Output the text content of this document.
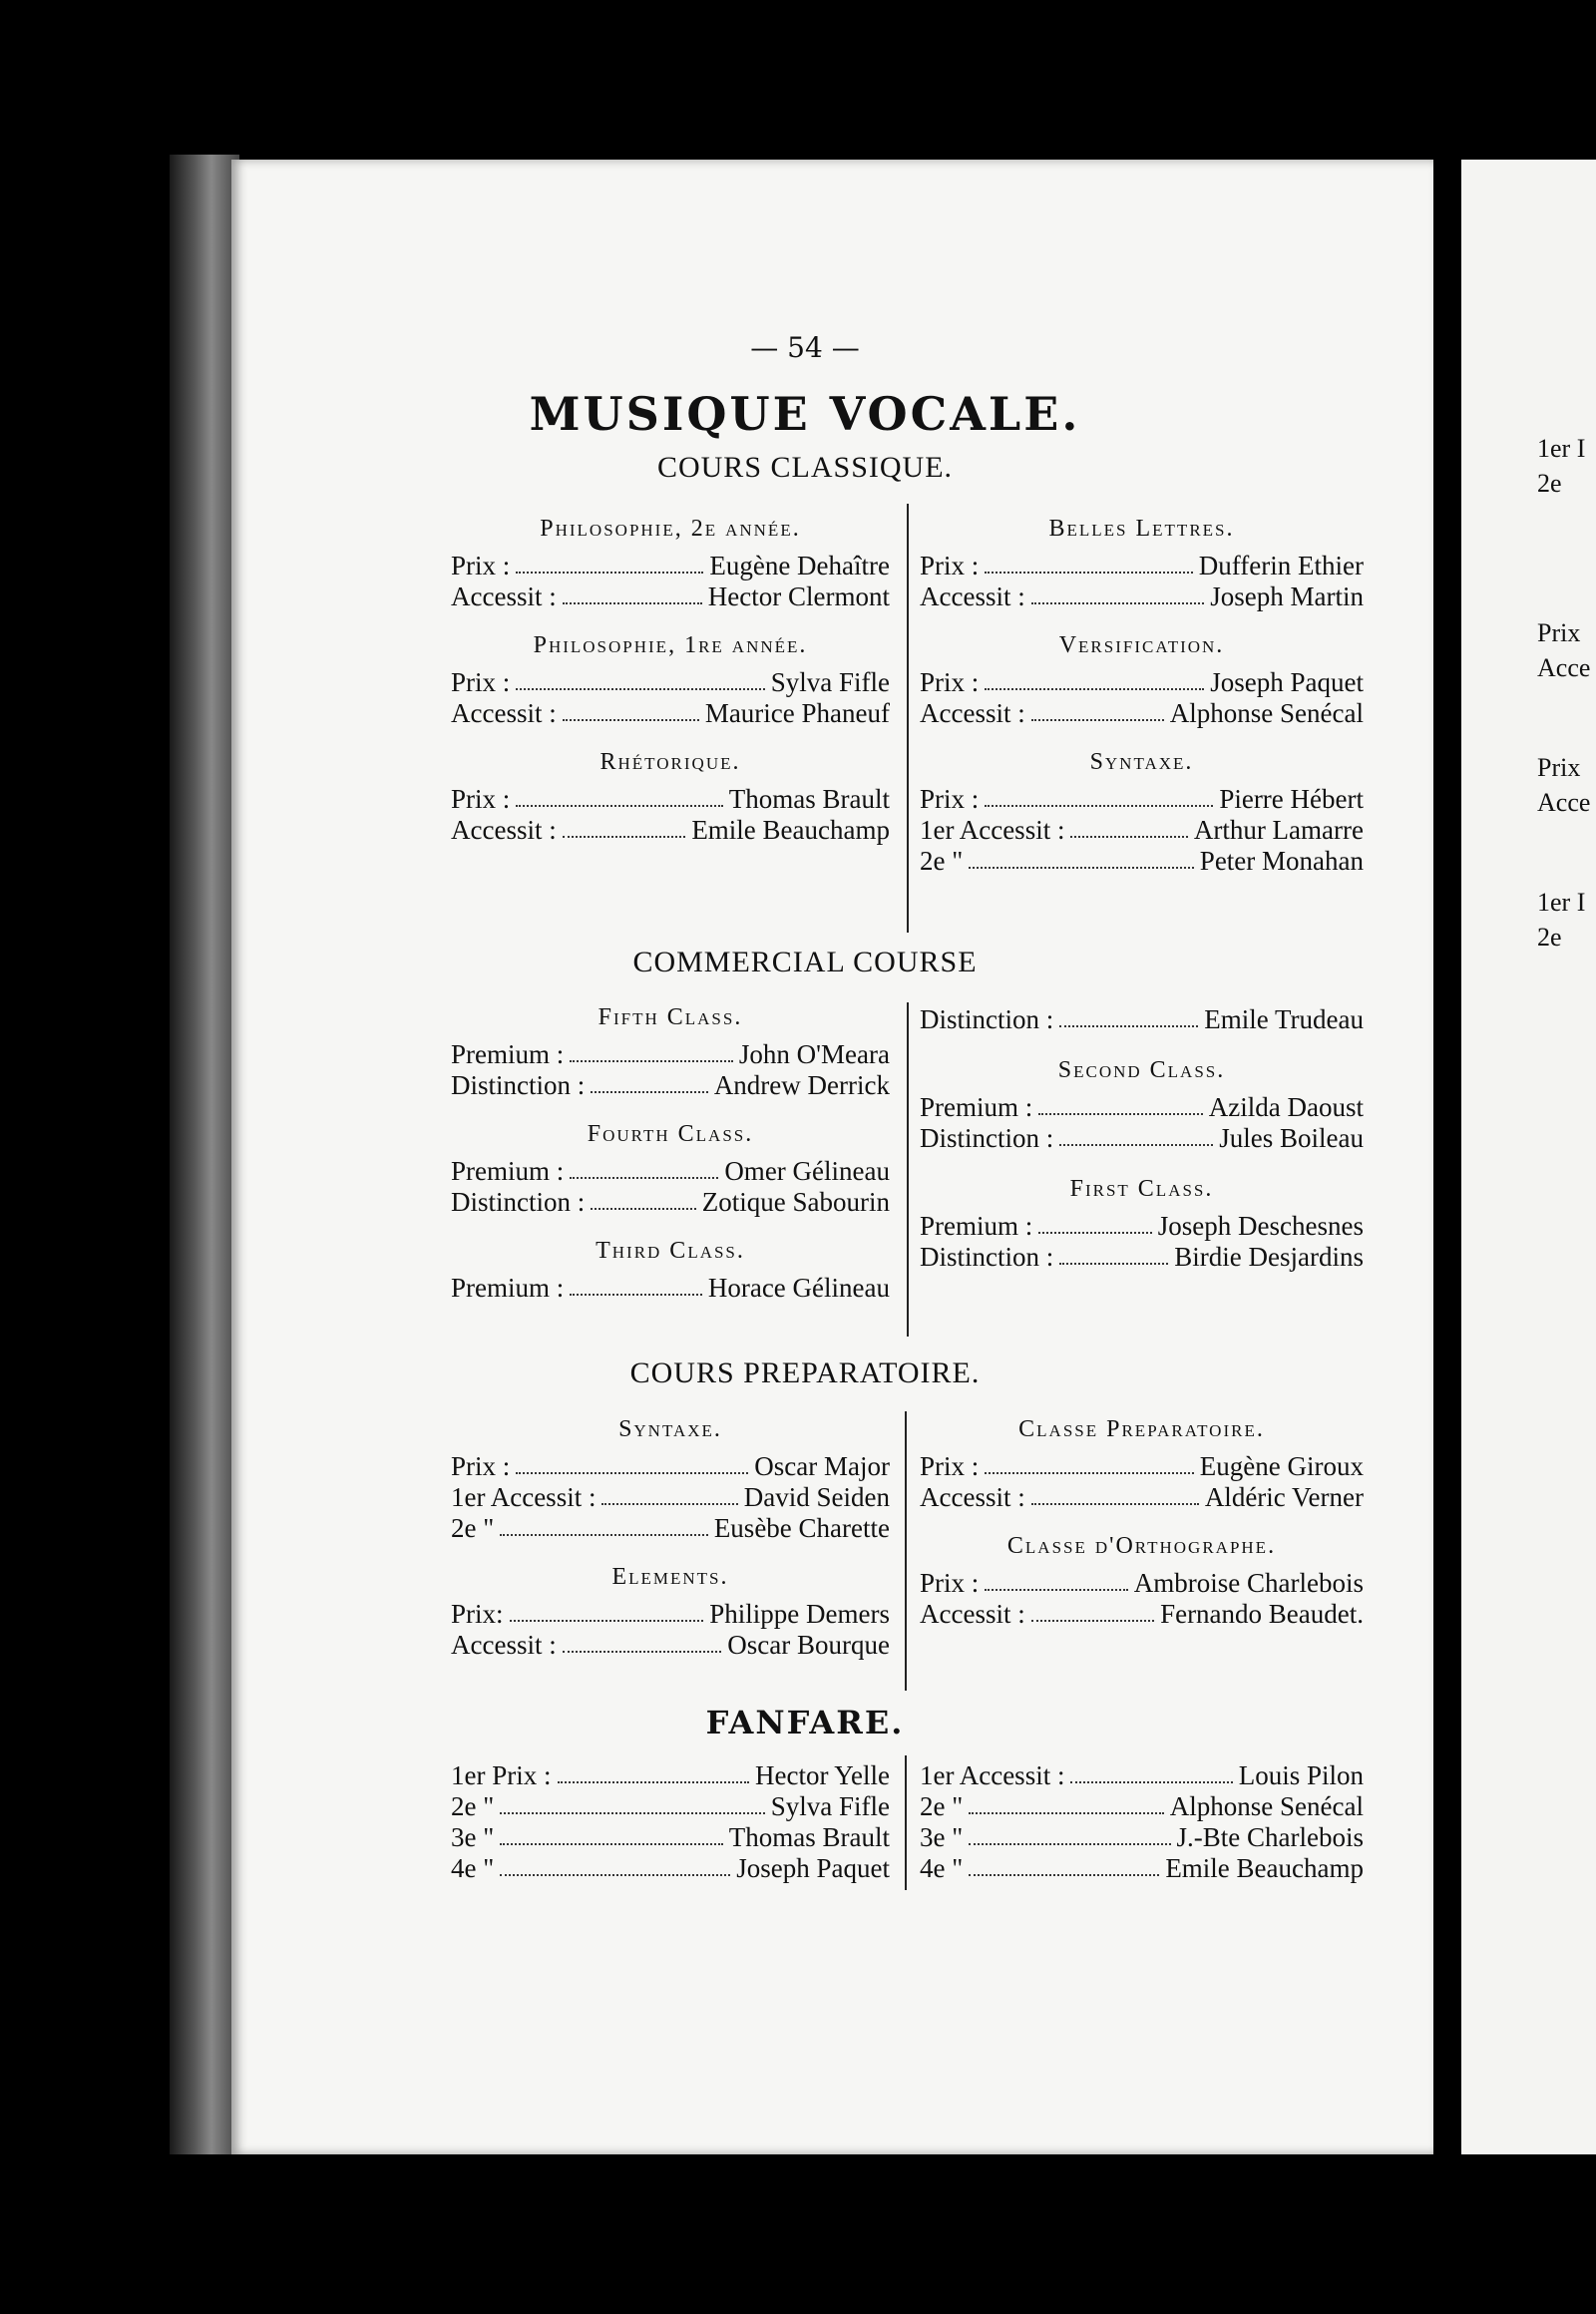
— 54 —
MUSIQUE VOCALE.
COURS CLASSIQUE.
COMMERCIAL COURSE
COURS PREPARATOIRE.
FANFARE.
Philosophie, 2e année.
Prix :	Eugène Dehaître
Accessit :	Hector Clermont
Philosophie, 1re année.
Prix :	Sylva Fifle
Accessit :	Maurice Phaneuf
Rhétorique.
Prix :	Thomas Brault
Accessit :	Emile Beauchamp
Belles Lettres.
Prix :	Dufferin Ethier
Accessit :	Joseph Martin
Versification.
Prix :	Joseph Paquet
Accessit :	Alphonse Senécal
Syntaxe.
Prix :	Pierre Hébert
1er Accessit :	Arthur Lamarre
2e "	Peter Monahan
Fifth Class.
Premium :	John O'Meara
Distinction :	Andrew Derrick
Fourth Class.
Premium :	Omer Gélineau
Distinction :	Zotique Sabourin
Third Class.
Premium :	Horace Gélineau
Distinction :	Emile Trudeau
Second Class.
Premium :	Azilda Daoust
Distinction :	Jules Boileau
First Class.
Premium :	Joseph Deschesnes
Distinction :	Birdie Desjardins
Syntaxe.
Prix :	Oscar Major
1er Accessit :	David Seiden
2e "	Eusèbe Charette
Elements.
Prix:	Philippe Demers
Accessit :	Oscar Bourque
Classe Preparatoire.
Prix :	Eugène Giroux
Accessit :	Aldéric Verner
Classe d'Orthographe.
Prix :	Ambroise Charlebois
Accessit :	Fernando Beaudet.
1er Prix :	Hector Yelle
2e "	Sylva Fifle
3e "	Thomas Brault
4e "	Joseph Paquet
1er Accessit :	Louis Pilon
2e "	Alphonse Senécal
3e "	J.-Bte Charlebois
4e "	Emile Beauchamp
1er I
2e
Prix
Acce
Prix
Acce
1er I
2e
